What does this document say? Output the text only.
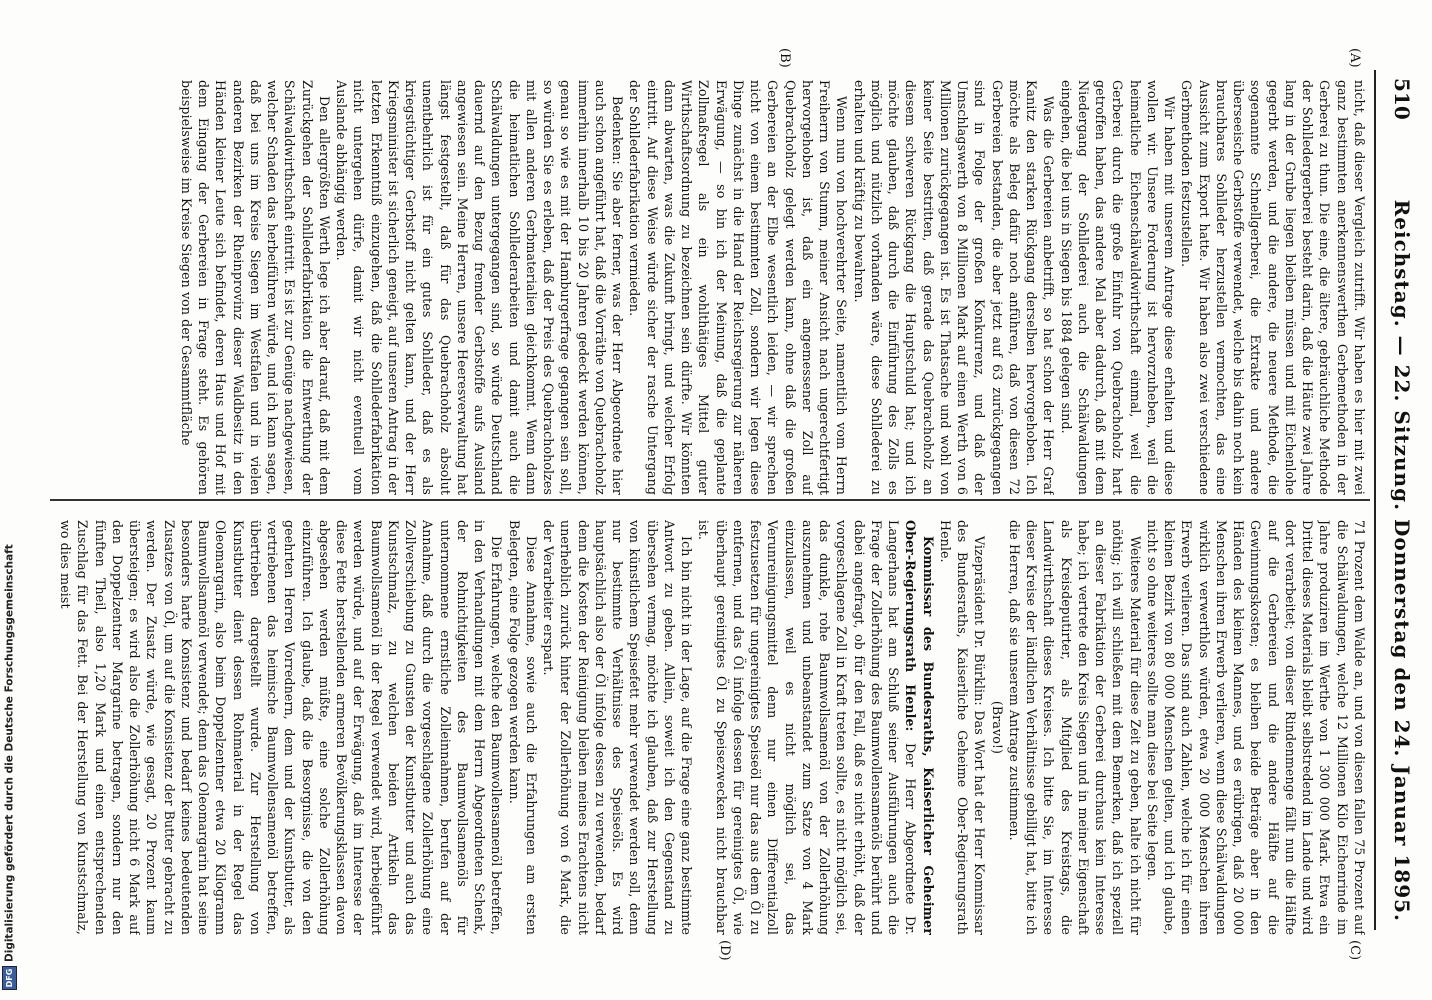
510
Reichstag. — 22. Sitzung. Donnerstag den 24. Januar 1895.
(A)
(B)
(C)
(D)

nicht, daß dieser Vergleich zutrifft. Wir haben es hier mit zwei ganz bestimmten anerkennenswerthen Gerbemethoden in der Gerberei zu thun. Die eine, die ältere, gebräuchliche Methode der Sohlledergerberei besteht darin, daß die Häute zwei Jahre lang in der Grube liegen bleiben müssen und mit Eichenlohe gegerbt werden, und die andere, die neuere Methode, die sogenannte Schnellgerberei, die Extrakte und andere überseeische Gerbstoffe verwendet, welche bis dahin noch kein brauchbares Sohlleder herzustellen vermochten, das eine Aussicht zum Export hatte. Wir haben also zwei verschiedene Gerbmethoden festzustellen.

Wir haben mit unserem Antrage diese erhalten und diese wollen wir. Unsere Forderung ist hervorzuheben, weil die heimatliche Eichenschälwaldwirthschaft einmal, weil die Gerberei durch die große Einfuhr von Quebrachoholz hart getroffen haben, das andere Mal aber dadurch, daß mit dem Niedergang der Sohllederei auch die Schälwaldungen eingehen, die bei uns in Siegen bis 1884 gelegen sind.

Was die Gerbereien anbetrifft, so hat schon der Herr Graf Kanitz den starken Rückgang derselben hervorgehoben. Ich möchte als Beleg dafür noch anführen, daß von diesen 72 Gerbereien bestanden, die aber jetzt auf 63 zurückgegangen sind in Folge der großen Konkurrenz, und daß der Umschlagswerth von 8 Millionen Mark auf einen Werth von 6 Millionen zurückgegangen ist. Es ist Thatsache und wohl von keiner Seite bestritten, daß gerade das Quebrachoholz an diesem schweren Rückgang die Hauptschuld hat; und ich möchte glauben, daß durch die Einführung des Zolls es möglich und nützlich vorhanden wäre, diese Sohllederei zu erhalten und kräftig zu bewahren.

Wenn nun von hochverehrter Seite, namentlich vom Herrn Freiherrn von Stumm, meiner Ansicht nach ungerechtfertigt hervorgehoben ist, daß ein angemessener Zoll auf Quebrachoholz gelegt werden kann, ohne daß die großen Gerbereien an der Elbe wesentlich leiden, — wir sprechen nicht von einem bestimmten Zoll, sondern wir legen diese Dinge zunächst in die Hand der Reichsregierung zur näheren Erwägung, — so bin ich der Meinung, daß die geplante Zollmaßregel als ein wohlthätiges Mittel guter Wirthschaftsordnung zu bezeichnen sein dürfte. Wir könnten dann abwarten, was die Zukunft bringt, und welcher Erfolg eintritt. Auf diese Weise würde sicher der rasche Untergang der Sohllederfabrikation vermieden.

Bedenken: Sie aber ferner, was der Herr Abgeordnete hier auch schon angeführt hat, daß die Vorräthe von Quebrachoholz immerhin innerhalb 10 bis 20 Jahren gedeckt werden können, genau so wie es mit der Hamburgerfrage gegangen sein soll, so würden Sie es erleben, daß der Preis des Quebrachoholzes mit allen anderen Gerbmaterialien gleichkommt. Wenn dann die heimatlichen Sohllederarbeiten und damit auch die Schälwaldungen untergegangen sind, so würde Deutschland dauernd auf den Bezug fremder Gerbstoffe aufs Ausland angewiesen sein. Meine Herren, unsere Heeresverwaltung hat längst festgestellt, daß für das Quebrachoholz absolut unentbehrlich ist für ein gutes Sohlleder, daß es als kriegstüchtiger Gerbstoff nicht gelten kann, und der Herr Kriegsminister ist sicherlich geneigt, auf unseren Antrag in der letzten Erkenntniß einzugehen, daß die Sohllederfabrikation nicht untergehen dürfe, damit wir nicht eventuell vom Auslande abhängig werden.

Den allergrößten Werth lege ich aber darauf, daß mit dem Zurückgehen der Sohllederfabrikation die Entwerthung der Schälwaldwirthschaft eintritt. Es ist zur Genüge nachgewiesen, welcher Schaden das herbeiführen würde, und ich kann sagen, daß bei uns im Kreise Siegen im Westfalen und in vielen anderen Bezirken der Rheinprovinz dieser Waldbesitz in den Händen kleiner Leute sich befindet, deren Haus und Hof mit dem Eingang der Gerbereien in Frage steht. Es gehören beispielsweise im Kreise Siegen von der Gesammtfläche

71 Prozent dem Walde an, und von diesen fallen 75 Prozent auf die Schälwaldungen, welche 12 Millionen Kilo Eichenrinde im Jahre produziren im Werthe von 1 300 000 Mark. Etwa ein Drittel dieses Materials bleibt selbstredend im Lande und wird dort verarbeitet; von dieser Rindenmenge fällt nun die Hälfte auf die Gerbereien und die andere Hälfte auf die Gewinnungskosten; es bleiben beide Beträge aber in den Händen des kleinen Mannes, und es erübrigen, daß 20 000 Menschen ihren Erwerb verlieren, wenn diese Schälwaldungen wirklich verwerthlos würden, etwa 20 000 Menschen ihren Erwerb verlieren. Das sind auch Zahlen, welche ich für einen kleinen Bezirk von 80 000 Menschen gelten, und ich glaube, nicht so ohne weiteres sollte man diese bei Seite legen.

Weiteres Material für diese Zeit zu geben, halte ich nicht für nöthig; ich will schließen mit dem Bemerken, daß ich speziell an dieser Fabrikation der Gerberei durchaus kein Interesse habe; ich vertrete den Kreis Siegen und in meiner Eigenschaft als Kreisdeputirter, als Mitglied des Kreistags, die Landwirthschaft dieses Kreises. Ich bitte Sie, im Interesse dieser Kreise der ländlichen Verhältnisse gebilligt hat, bitte ich die Herren, daß sie unserem Antrage zustimmen.

(Bravo!)

Vizepräsident Dr. Bürklin: Das Wort hat der Herr Kommissar des Bundesraths, Kaiserliche Geheime Ober-Regierungsrath Henle.

Kommissar des Bundesraths, Kaiserlicher Geheimer Ober-Regierungsrath Henle: Der Herr Abgeordnete Dr. Langerhans hat am Schluß seiner Ausführungen auch die Frage der Zollerhöhung des Baumwollensamenöls berührt und dabei angefragt, ob für den Fall, daß es nicht erhöht, daß der vorgeschlagene Zoll in Kraft treten sollte, es nicht möglich sei, das dunkle, rohe Baumwollsamenöl von der Zollerhöhung auszunehmen und unbeanstandet zum Satze von 4 Mark einzulassen, weil es nicht möglich sei, das Verunreinigungsmittel denn nur einen Differentialzoll festzusetzen für ungereinigtes Speiseöl nur das aus dem Öl zu entfernen, und das Öl infolge dessen für gereinigtes Öl, wie überhaupt gereinigtes Öl zu Speisezwecken nicht brauchbar ist.

Ich bin nicht in der Lage, auf die Frage eine ganz bestimmte Antwort zu geben. Allein, soweit ich den Gegenstand zu übersehen vermag, möchte ich glauben, daß zur Herstellung von künstlichem Speisefett mehr verwendet werden soll, denn nur bestimmte Verhältnisse des Speiseöls. Es wird hauptsächlich also der Öl infolge dessen zu verwenden, bedarf denn die Kosten der Reinigung bleiben meines Erachtens nicht unerheblich zurück hinter der Zollerhöhung von 6 Mark, die der Verarbeiter erspart.

Diese Annahme, sowie auch die Erfahrungen am ersten Belegten, eine Folge gezogen werden kann.

Die Erfahrungen, welche den Baumwollensamenöl betreffen, in den Verhandlungen mit dem Herrn Abgeordneten Schenk, der Rohnichtigkeiten des Baumwollsamenöls für unternommene ernstliche Zolleinnahmen, berufen auf der Annahme, daß durch die vorgeschlagene Zollerhöhung eine Zollverschiebung zu Gunsten der Kunstbutter und auch das Kunstschmalz, zu welchen beiden Artikeln das Baumwollsamenöl in der Regel verwendet wird, herbeigeführt werden würde, und auf der Erwägung, daß im Interesse der diese Fette herstellenden armeren Bevölkerungsklassen davon abgesehen werden müßte, eine solche Zollerhöhung einzuführen. Ich glaube, daß die Besorgnisse, die von den geehrten Herren Vorrednern, dem und der Kunstbutter, als vertriebenen das heimische Baumwollensamenöl betreffen, übertrieben dargestellt wurde. Zur Herstellung von Kunstbutter dient dessen Rohmaterial in der Regel das Oleomargarin, also beim Doppelzentner etwa 20 Kilogramm Baumwollsamenöl verwendet; denn das Oleomargarin hat seine besonders harte Konsistenz und bedarf keines bedeutenden Zusatzes von Öl, um auf die Konsistenz der Butter gebracht zu werden. Der Zusatz würde, wie gesagt, 20 Prozent kaum übersteigen; es wird also die Zollerhöhung nicht 6 Mark auf den Doppelzentner Margarine betragen, sondern nur den fünften Theil, also 1,20 Mark und einen entsprechenden Zuschlag für das Fett. Bei der Herstellung von Kunstschmalz, wo dies meist

DFGDigitalisierung gefördert durch die Deutsche Forschungsgemeinschaft
